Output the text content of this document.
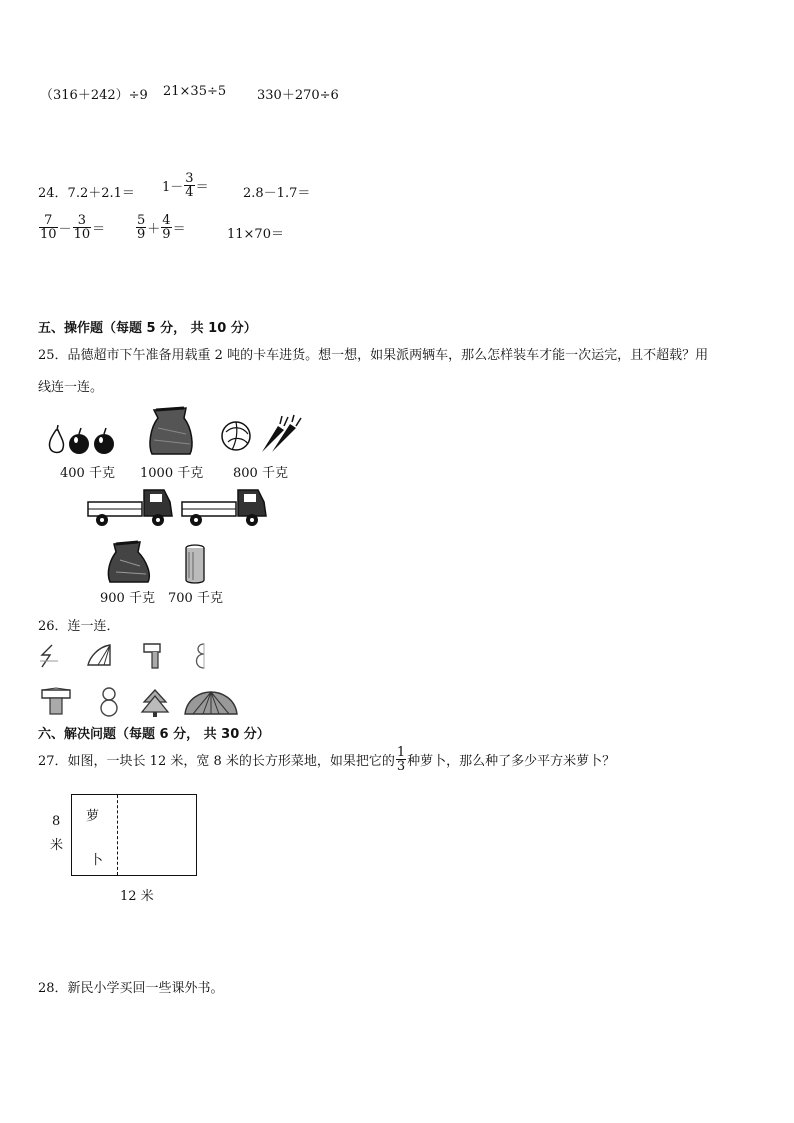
（316＋242）÷9 21×35÷5 330＋270÷6
24．$7.2+2.1= 1- \frac{3}{4}$ ＝	2.8－1.7＝
$\frac{7}{10} - \frac{3}{10} = \frac{5}{9} + \frac{4}{9}$ ＝	11×70＝
五、操作题（每题 5 分， 共 10 分）
25．品德超市下午准备用载重 2 吨的卡车进货。想一想，如果派两辆车，那么怎样装车才能一次运完，且不超载？用
线连一连。
400 千克 1000 千克 800 千克
900 千克 700 千克
26．连一连．
六、解决问题（每题 6 分， 共 30 分）
27．如图，一块长 12 米，宽 8 米的长方形菜地，如果把它的 $\frac{1}{3}$ 种萝卜，那么种了多少平方米萝卜？
萝
卜
8
米
12 米
28．新民小学买回一些课外书。
